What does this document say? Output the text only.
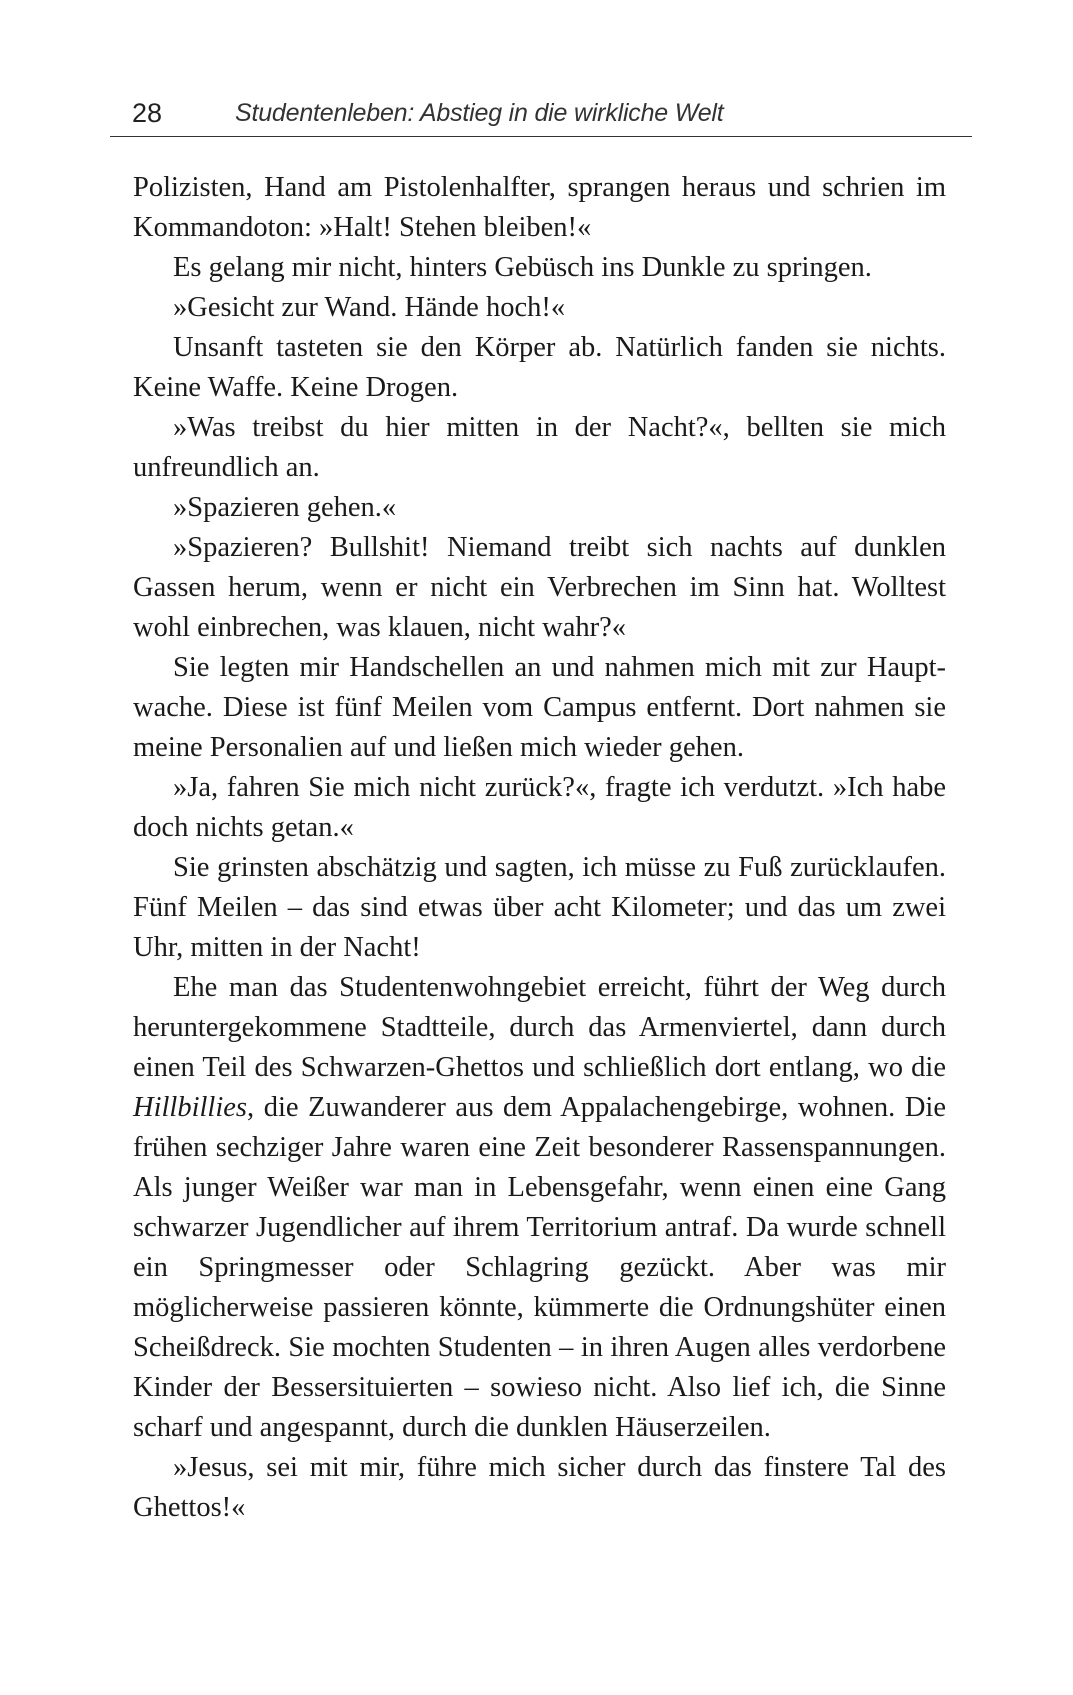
28	Studentenleben: Abstieg in die wirkliche Welt

Polizisten, Hand am Pistolenhalfter, sprangen heraus und schrien im Kommandoton: »Halt! Stehen bleiben!«

Es gelang mir nicht, hinters Gebüsch ins Dunkle zu springen.

»Gesicht zur Wand. Hände hoch!«

Unsanft tasteten sie den Körper ab. Natürlich fanden sie nichts. Keine Waffe. Keine Drogen.

»Was treibst du hier mitten in der Nacht?«, bellten sie mich unfreundlich an.

»Spazieren gehen.«

»Spazieren? Bullshit! Niemand treibt sich nachts auf dunklen Gassen herum, wenn er nicht ein Verbrechen im Sinn hat. Wolltest wohl einbrechen, was klauen, nicht wahr?«

Sie legten mir Handschellen an und nahmen mich mit zur Hauptwache. Diese ist fünf Meilen vom Campus entfernt. Dort nahmen sie meine Personalien auf und ließen mich wieder gehen.

»Ja, fahren Sie mich nicht zurück?«, fragte ich verdutzt. »Ich habe doch nichts getan.«

Sie grinsten abschätzig und sagten, ich müsse zu Fuß zurücklaufen. Fünf Meilen – das sind etwas über acht Kilometer; und das um zwei Uhr, mitten in der Nacht!

Ehe man das Studentenwohngebiet erreicht, führt der Weg durch heruntergekommene Stadtteile, durch das Armenviertel, dann durch einen Teil des Schwarzen-Ghettos und schließlich dort entlang, wo die Hillbillies, die Zuwanderer aus dem Appalachengebirge, wohnen. Die frühen sechziger Jahre waren eine Zeit besonderer Rassenspannungen. Als junger Weißer war man in Lebensgefahr, wenn einen eine Gang schwarzer Jugendlicher auf ihrem Territorium antraf. Da wurde schnell ein Springmesser oder Schlagring gezückt. Aber was mir möglicherweise passieren könnte, kümmerte die Ordnungshüter einen Scheißdreck. Sie mochten Studenten – in ihren Augen alles verdorbene Kinder der Bessersituierten – sowieso nicht. Also lief ich, die Sinne scharf und angespannt, durch die dunklen Häuserzeilen.

»Jesus, sei mit mir, führe mich sicher durch das finstere Tal des Ghettos!«
